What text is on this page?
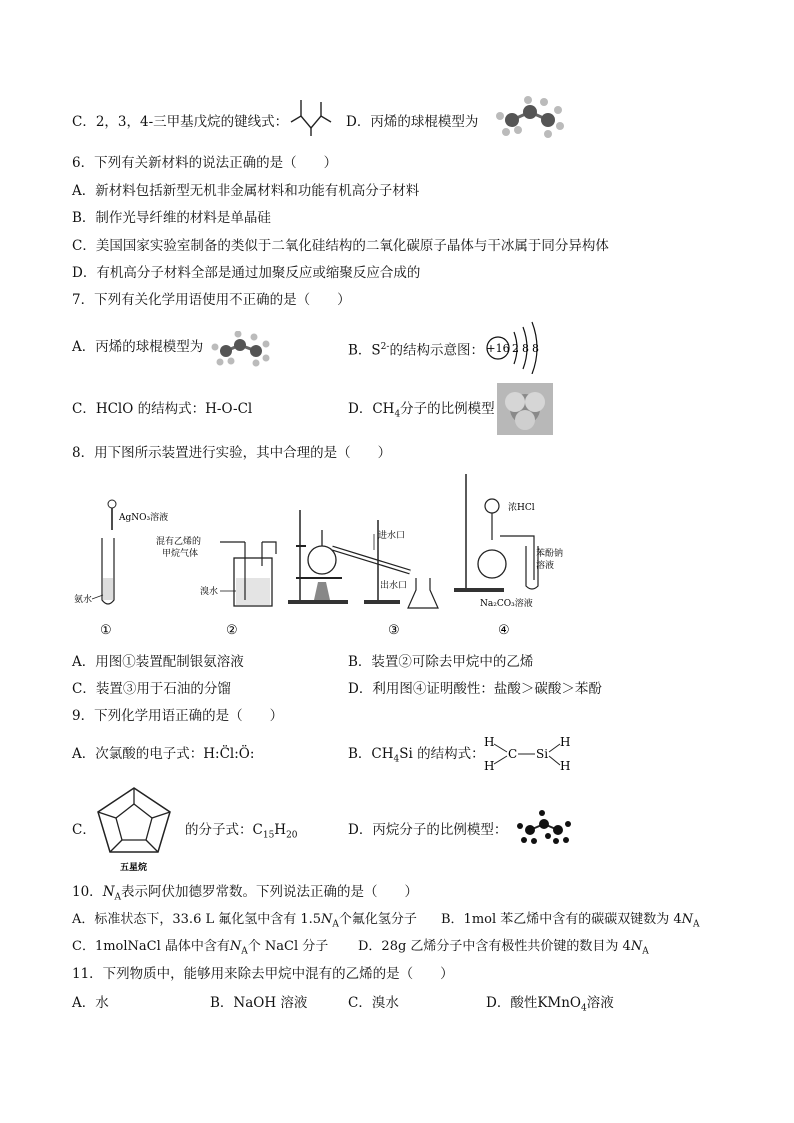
C．2，3，4-三甲基戊烷的键线式：	D．丙烯的球棍模型为
6．下列有关新材料的说法正确的是（　　）
A．新材料包括新型无机非金属材料和功能有机高分子材料
B．制作光导纤维的材料是单晶硅
C．美国国家实验室制备的类似于二氧化硅结构的二氧化碳原子晶体与干冰属于同分异构体
D．有机高分子材料全部是通过加聚反应或缩聚反应合成的
7．下列有关化学用语使用不正确的是（　　）
A．丙烯的球棍模型为	B．$S^{2-}$的结构示意图： +16 2 8 8
C．HClO 的结构式：H-O-Cl	D．$CH_4$分子的比例模型
8．用下图所示装置进行实验，其中合理的是（　　）
AgNO₃溶液
氨水
混有乙烯的
甲烷气体
溴水
进水口
出水口
浓HCl
苯酚钠
溶液
Na₂CO₃溶液
①	②	③	④
A．用图①装置配制银氨溶液	B．装置②可除去甲烷中的乙烯
C．装置③用于石油的分馏	D．利用图④证明酸性：盐酸＞碳酸＞苯酚
9．下列化学用语正确的是（　　）
A．次氯酸的电子式：H:C̈l:Ö:	B．$CH_4Si$ 的结构式：
H
H
C Si
H
H
C．
五星烷
的分子式：$C_{15}H_{20}$	D．丙烷分子的比例模型：
10．$N_A$表示阿伏加德罗常数。下列说法正确的是（　　）
A．标准状态下，33.6 L 氟化氢中含有 $1.5N_A$个氟化氢分子 B．1mol 苯乙烯中含有的碳碳双键数为 $4N_A$
C．1molNaCl 晶体中含有$N_A$个 NaCl 分子 D．28g 乙烯分子中含有极性共价键的数目为 $4N_A$
11．下列物质中，能够用来除去甲烷中混有的乙烯的是（　　）
A．水	B．NaOH 溶液	C．溴水	D．酸性KMnO$_4$溶液
